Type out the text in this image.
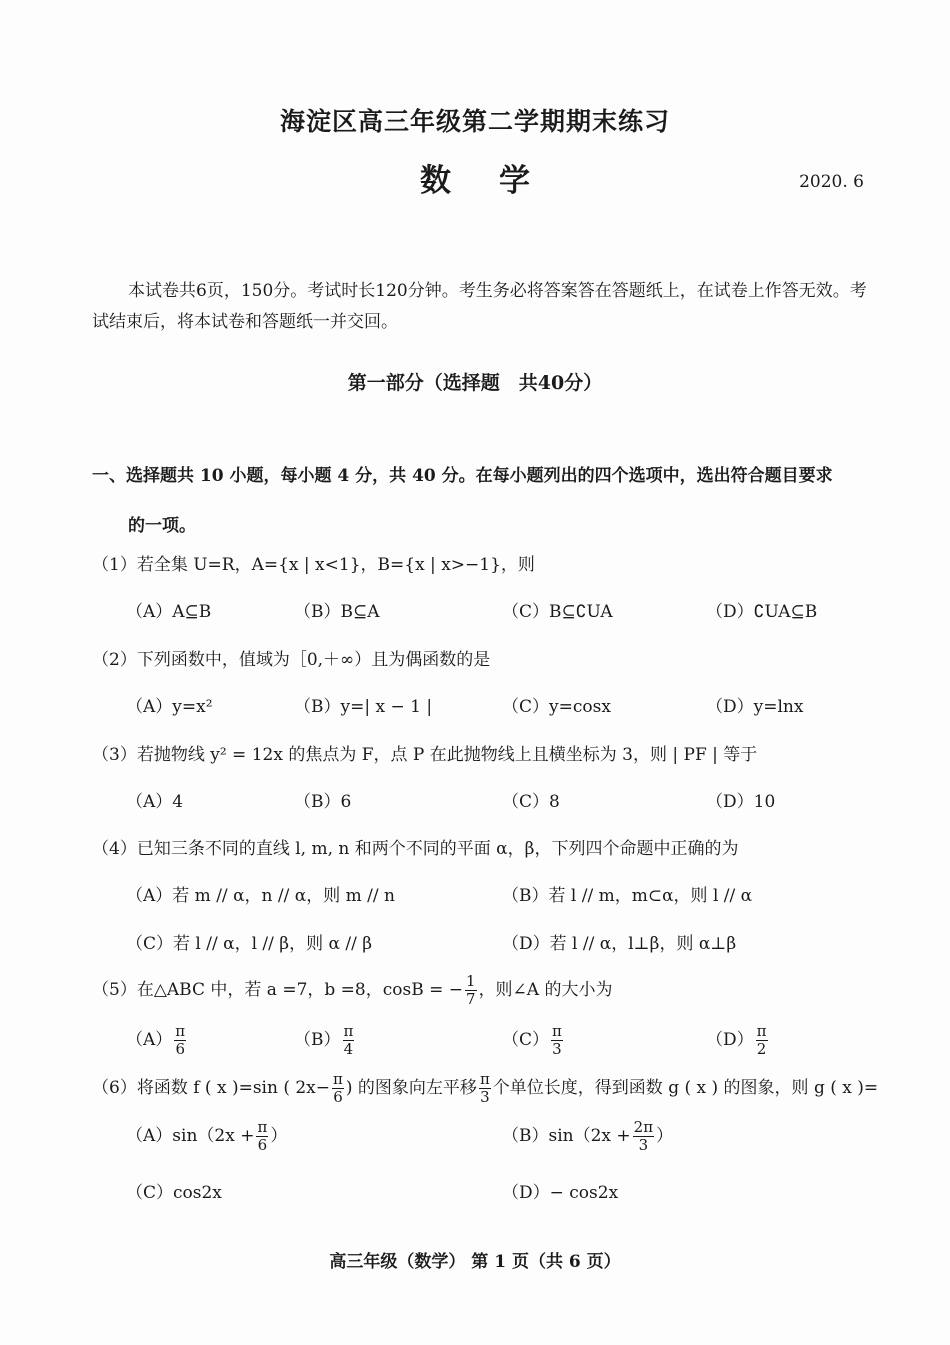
海淀区高三年级第二学期期末练习
数学	2020. 6
本试卷共6页，150分。考试时长120分钟。考生务必将答案答在答题纸上，在试卷上作答无效。考试结束后，将本试卷和答题纸一并交回。
第一部分（选择题　共40分）
一、选择题共 10 小题，每小题 4 分，共 40 分。在每小题列出的四个选项中，选出符合题目要求
的一项。
（1）若全集 U=R，A={x | x<1}，B={x | x>−1}，则
（A）A⊆B	（B）B⊆A	（C）B⊆∁UA	（D）∁UA⊆B
（2）下列函数中，值域为［0,＋∞）且为偶函数的是
（A）y=x²	（B）y=| x − 1 |	（C）y=cosx	（D）y=lnx
（3）若抛物线 y² = 12x 的焦点为 F，点 P 在此抛物线上且横坐标为 3，则 | PF | 等于
（A）4	（B）6	（C）8	（D）10
（4）已知三条不同的直线 l, m, n 和两个不同的平面 α，β，下列四个命题中正确的为
（A）若 m // α，n // α，则 m // n	（B）若 l // m，m⊂α，则 l // α
（C）若 l // α，l // β，则 α // β	（D）若 l // α，l⊥β，则 α⊥β
（5）在△ABC 中，若 a =7，b =8，cosB = − $\frac{1}{7}$ ，则∠A 的大小为
$(A) \frac{\pi}{6}$	$(B) \frac{\pi}{4}$	$(C) \frac{\pi}{3}$	$(D) \frac{\pi}{2}$
（6）将函数 f ( x )=sin ( $2x- \frac{\pi}{6}$ ) 的图象向左平移 $\frac{\pi}{3}$ 个单位长度，得到函数 g ( x ) 的图象，则 g ( x )=
$(A)\sin(2x + \frac{\pi}{6}$ ）	$(B)\sin(2x + \frac{2\pi}{3}$ ）
（C）cos2x	（D）− cos2x
高三年级（数学） 第 1 页（共 6 页）
